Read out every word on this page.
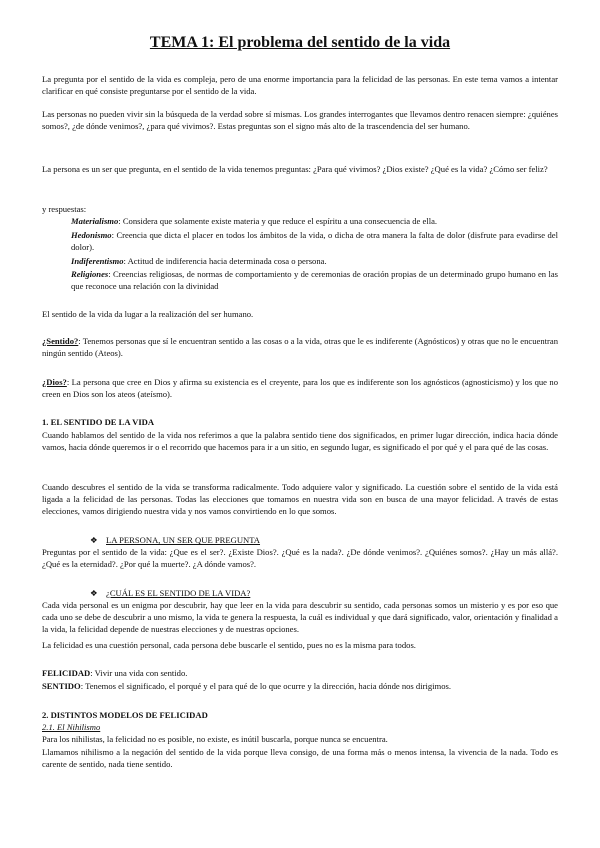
TEMA 1: El problema del sentido de la vida

La pregunta por el sentido de la vida es compleja, pero de una enorme importancia para la felicidad de las personas. En este tema vamos a intentar clarificar en qué consiste preguntarse por el sentido de la vida.

Las personas no pueden vivir sin la búsqueda de la verdad sobre sí mismas. Los grandes interrogantes que llevamos dentro renacen siempre: ¿quiénes somos?, ¿de dónde venimos?, ¿para qué vivimos?. Estas preguntas son el signo más alto de la trascendencia del ser humano.

La persona es un ser que pregunta, en el sentido de la vida tenemos preguntas: ¿Para qué vivimos? ¿Dios existe? ¿Qué es la vida? ¿Cómo ser feliz?

y respuestas:

Materialismo: Considera que solamente existe materia y que reduce el espíritu a una consecuencia de ella.

Hedonismo: Creencia que dicta el placer en todos los ámbitos de la vida, o dicha de otra manera la falta de dolor (disfrute para evadirse del dolor).

Indiferentismo: Actitud de indiferencia hacia determinada cosa o persona.

Religiones: Creencias religiosas, de normas de comportamiento y de ceremonias de oración propias de un determinado grupo humano en las que reconoce una relación con la divinidad

El sentido de la vida da lugar a la realización del ser humano.

¿Sentido?: Tenemos personas que sí le encuentran sentido a las cosas o a la vida, otras que le es indiferente (Agnósticos) y otras que no le encuentran ningún sentido (Ateos).

¿Dios?: La persona que cree en Dios y afirma su existencia es el creyente, para los que es indiferente son los agnósticos (agnosticismo) y los que no creen en Dios son los ateos (ateísmo).

1. EL SENTIDO DE LA VIDA

Cuando hablamos del sentido de la vida nos referimos a que la palabra sentido tiene dos significados, en primer lugar dirección, indica hacia dónde vamos, hacia dónde queremos ir o el recorrido que hacemos para ir a un sitio, en segundo lugar, es significado el por qué y el para qué de las cosas.

Cuando descubres el sentido de la vida se transforma radicalmente. Todo adquiere valor y significado. La cuestión sobre el sentido de la vida está ligada a la felicidad de las personas. Todas las elecciones que tomamos en nuestra vida son en busca de una mayor felicidad. A través de estas elecciones, vamos dirigiendo nuestra vida y nos vamos convirtiendo en lo que somos.

❖ LA PERSONA, UN SER QUE PREGUNTA

Preguntas por el sentido de la vida: ¿Que es el ser?. ¿Existe Dios?. ¿Qué es la nada?. ¿De dónde venimos?. ¿Quiénes somos?. ¿Hay un más allá?. ¿Qué es la eternidad?. ¿Por qué la muerte?. ¿A dónde vamos?.

❖ ¿CUÁL ES EL SENTIDO DE LA VIDA?

Cada vida personal es un enigma por descubrir, hay que leer en la vida para descubrir su sentido, cada personas somos un misterio y es por eso que cada uno se debe de descubrir a uno mismo, la vida te genera la respuesta, la cuál es individual y que dará significado, valor, orientación y finalidad a la vida, la felicidad depende de nuestras elecciones y de nuestras opciones.

La felicidad es una cuestión personal, cada persona debe buscarle el sentido, pues no es la misma para todos.

FELICIDAD: Vivir una vida con sentido.

SENTIDO: Tenemos el significado, el porqué y el para qué de lo que ocurre y la dirección, hacia dónde nos dirigimos.

2. DISTINTOS MODELOS DE FELICIDAD

2.1. El Nihilismo

Para los nihilistas, la felicidad no es posible, no existe, es inútil buscarla, porque nunca se encuentra.

Llamamos nihilismo a la negación del sentido de la vida porque lleva consigo, de una forma más o menos intensa, la vivencia de la nada. Todo es carente de sentido, nada tiene sentido.
